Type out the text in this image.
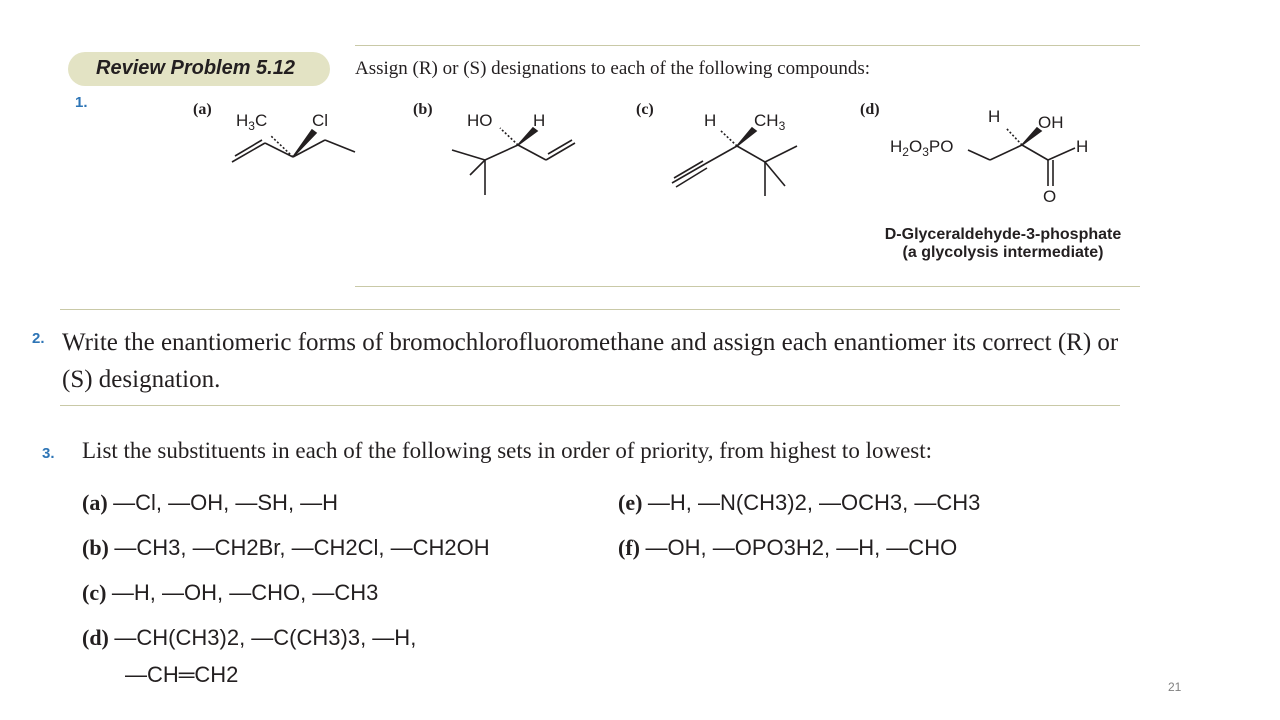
Review Problem 5.12	Assign (R) or (S) designations to each of the following compounds:
1.	(a)	(b)	(c)	(d)
$H_3C$	Cl	HO H	H $CH_3$	H OH
$H_2O_3PO$	H
O
D-Glyceraldehyde-3-phosphate
(a glycolysis intermediate)
2. Write the enantiomeric forms of bromochlorofluoromethane and assign each enantiomer its correct (R) or (S) designation.
3. List the substituents in each of the following sets in order of priority, from highest to lowest:
(a) —Cl, —OH, —SH, —H
(b) —CH3, —CH2Br, —CH2Cl, —CH2OH
(c) —H, —OH, —CHO, —CH3
(d) —CH(CH3)2, —C(CH3)3, —H,
—CH═CH2
(e) —H, —N(CH3)2, —OCH3, —CH3
(f) —OH, —OPO3H2, —H, —CHO
21
